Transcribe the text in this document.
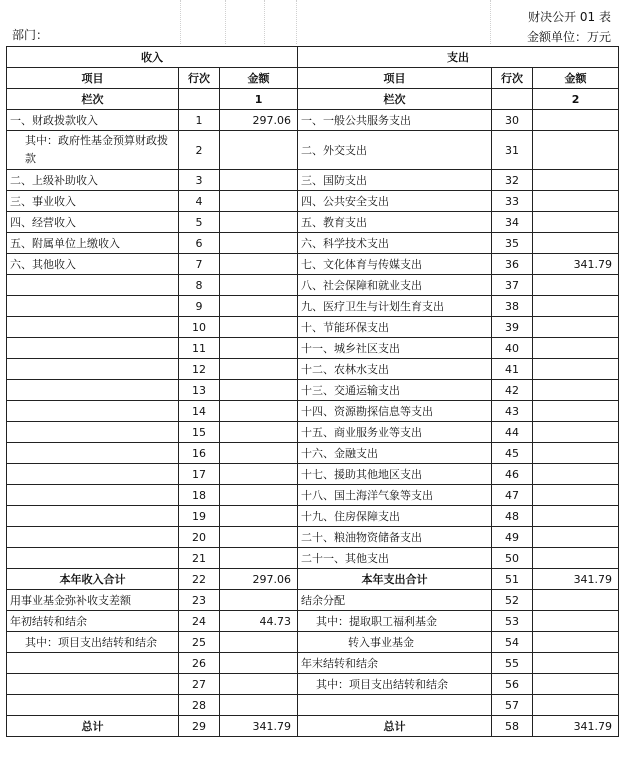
财决公开 01 表
部门：	金额单位：万元
收入			支出		
项目	行次	金额	项目	行次	金额
栏次		1	栏次		2
一、财政拨款收入	1	297.06	一、一般公共服务支出	30	
其中：政府性基金预算财政拨款	2		二、外交支出	31	
二、上级补助收入	3		三、国防支出	32	
三、事业收入	4		四、公共安全支出	33	
四、经营收入	5		五、教育支出	34	
五、附属单位上缴收入	6		六、科学技术支出	35	
六、其他收入	7		七、文化体育与传媒支出	36	341.79
	8		八、社会保障和就业支出	37	
	9		九、医疗卫生与计划生育支出	38	
	10		十、节能环保支出	39	
	11		十一、城乡社区支出	40	
	12		十二、农林水支出	41	
	13		十三、交通运输支出	42	
	14		十四、资源勘探信息等支出	43	
	15		十五、商业服务业等支出	44	
	16		十六、金融支出	45	
	17		十七、援助其他地区支出	46	
	18		十八、国土海洋气象等支出	47	
	19		十九、住房保障支出	48	
	20		二十、粮油物资储备支出	49	
	21		二十一、其他支出	50	
本年收入合计	22	297.06	本年支出合计	51	341.79
用事业基金弥补收支差额	23		结余分配	52	
年初结转和结余	24	44.73	其中：提取职工福利基金	53	
其中：项目支出结转和结余	25		转入事业基金	54	
	26		年末结转和结余	55	
	27		其中：项目支出结转和结余	56	
	28			57	
总计	29	341.79	总计	58	341.79
